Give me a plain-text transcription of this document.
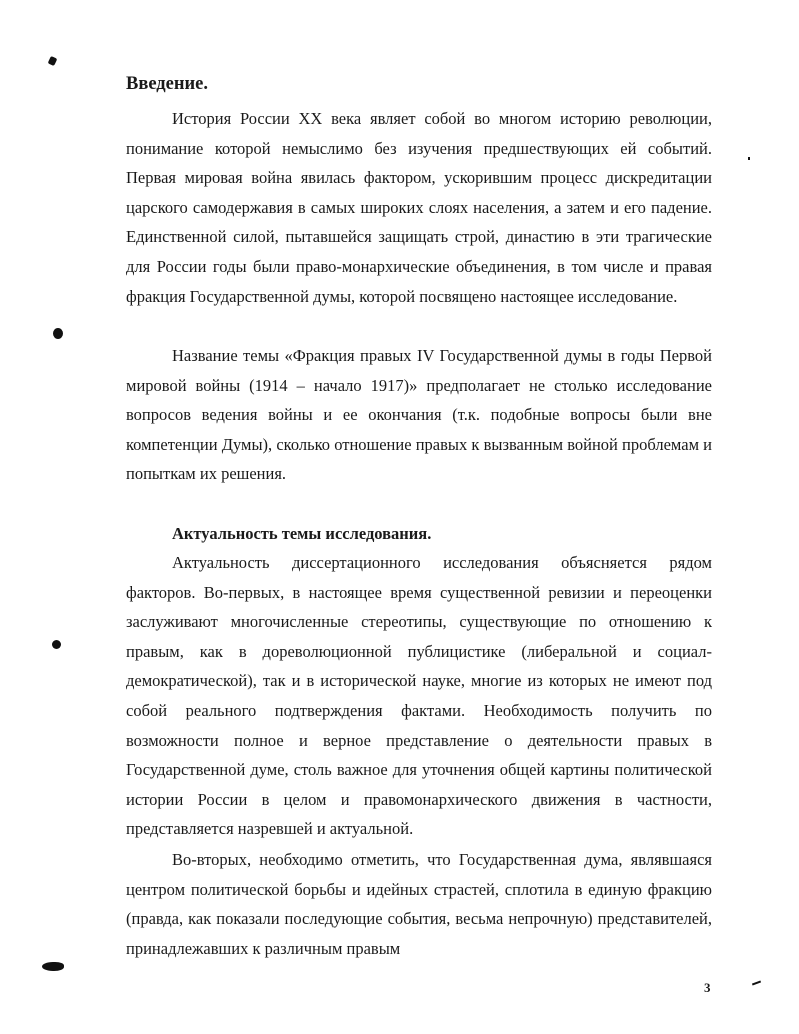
Введение.

История России XX века являет собой во многом историю революции, понимание которой немыслимо без изучения предшествующих ей событий. Первая мировая война явилась фактором, ускорившим процесс дискредитации царского самодержавия в самых широких слоях населения, а затем и его падение. Единственной силой, пытавшейся защищать строй, династию в эти трагические для России годы были право-монархические объединения, в том числе и правая фракция Государственной думы, которой посвящено настоящее исследование.

Название темы «Фракция правых IV Государственной думы в годы Первой мировой войны (1914 – начало 1917)» предполагает не столько исследование вопросов ведения войны и ее окончания (т.к. подобные вопросы были вне компетенции Думы), сколько отношение правых к вызванным войной проблемам и попыткам их решения.

Актуальность темы исследования.

Актуальность диссертационного исследования объясняется рядом факторов. Во-первых, в настоящее время существенной ревизии и переоценки заслуживают многочисленные стереотипы, существующие по отношению к правым, как в дореволюционной публицистике (либеральной и социал-демократической), так и в исторической науке, многие из которых не имеют под собой реального подтверждения фактами. Необходимость получить по возможности полное и верное представление о деятельности правых в Государственной думе, столь важное для уточнения общей картины политической истории России в целом и правомонархического движения в частности, представляется назревшей и актуальной.

Во-вторых, необходимо отметить, что Государственная дума, являвшаяся центром политической борьбы и идейных страстей, сплотила в единую фракцию (правда, как показали последующие события, весьма непрочную) представителей, принадлежавших к различным правым

3
